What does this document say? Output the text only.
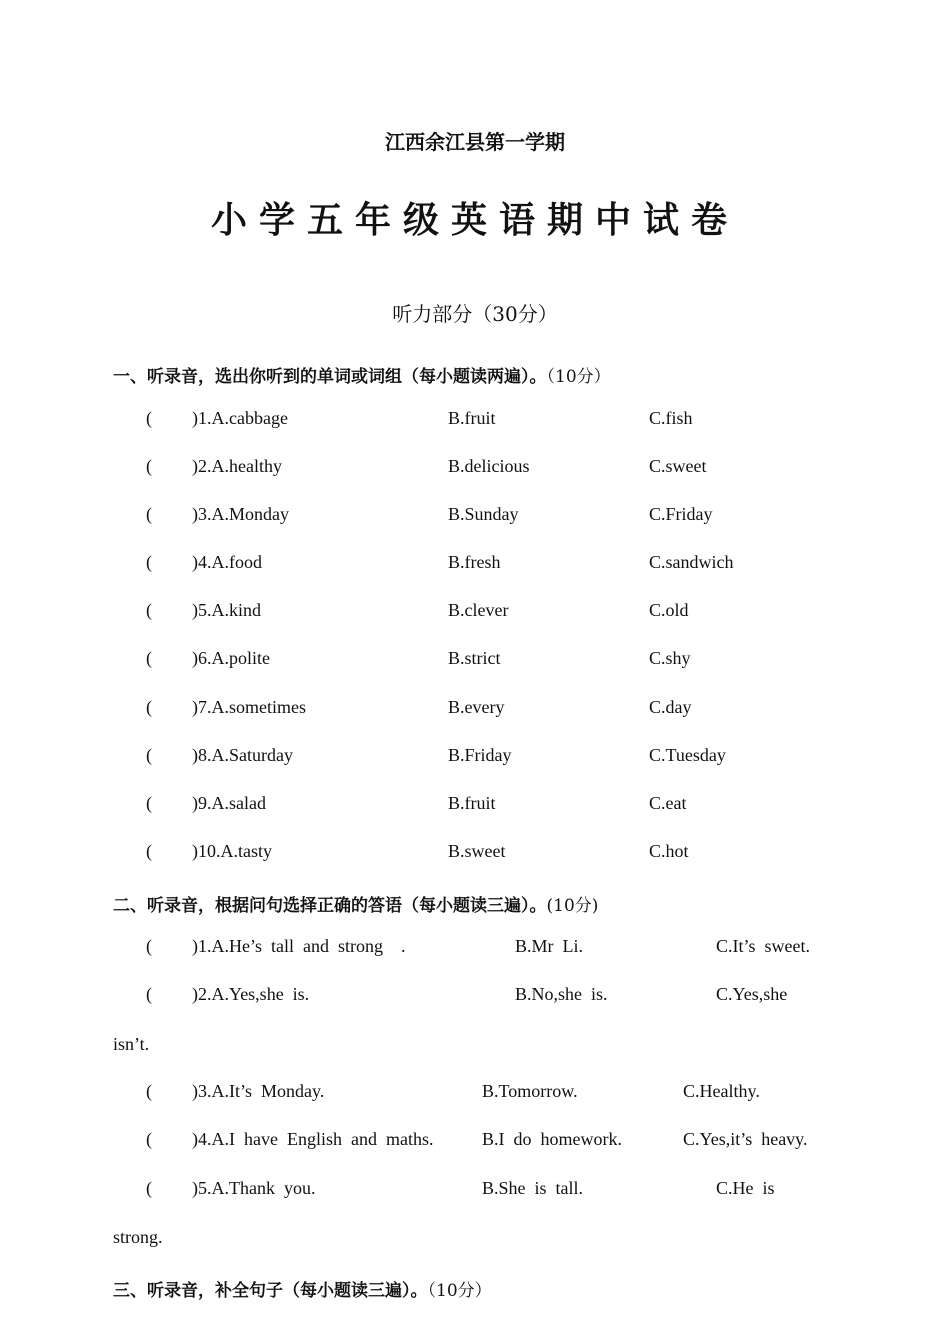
江西余江县第一学期
小学五年级英语期中试卷
听力部分（30分）
一、听录音，选出你听到的单词或词组（每小题读两遍）。（10分）
( )1.A.cabbage	B.fruit	C.fish
( )2.A.healthy	B.delicious	C.sweet
( )3.A.Monday	B.Sunday	C.Friday
( )4.A.food	B.fresh	C.sandwich
( )5.A.kind	B.clever	C.old
( )6.A.polite	B.strict	C.shy
( )7.A.sometimes	B.every	C.day
( )8.A.Saturday	B.Friday	C.Tuesday
( )9.A.salad	B.fruit	C.eat
( )10.A.tasty	B.sweet	C.hot
二、听录音，根据问句选择正确的答语（每小题读三遍）。(10分)
( )1.A.He’s  tall  and  strong    .	B.Mr  Li.	C.It’s  sweet.
( )2.A.Yes,she  is.	B.No,she  is.	C.Yes,she
isn’t.
( )3.A.It’s  Monday.	B.Tomorrow.	C.Healthy.
( )4.A.I  have  English  and  maths.	B.I  do  homework.	C.Yes,it’s  heavy.
( )5.A.Thank  you.	B.She  is  tall.	C.He  is
strong.
三、听录音，补全句子（每小题读三遍）。（10分）
